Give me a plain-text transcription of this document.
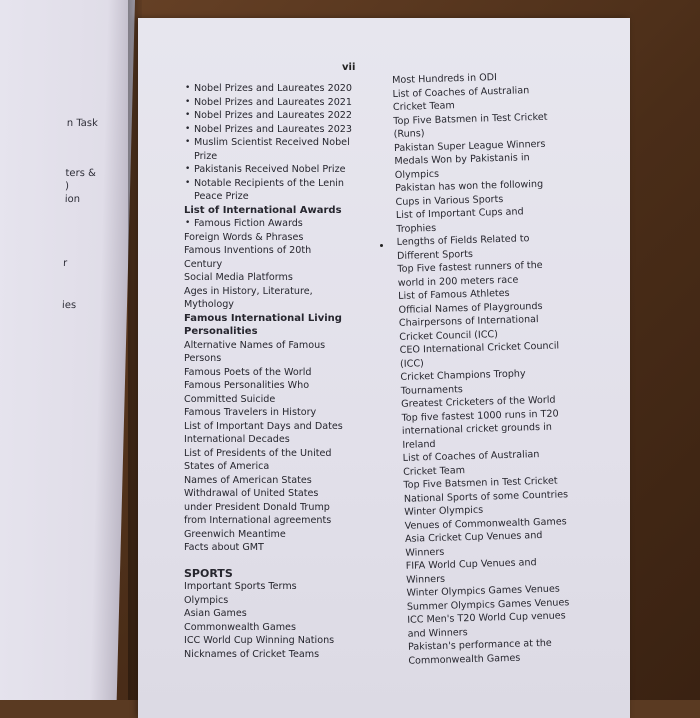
n Task
ters &
)
ion
r
ies
vii
• Nobel Prizes and Laureates 2020
• Nobel Prizes and Laureates 2021
• Nobel Prizes and Laureates 2022
• Nobel Prizes and Laureates 2023
• Muslim Scientist Received Nobel
Prize
• Pakistanis Received Nobel Prize
• Notable Recipients of the Lenin
Peace Prize
List of International Awards
• Famous Fiction Awards
Foreign Words & Phrases
Famous Inventions of 20th
Century
Social Media Platforms
Ages in History, Literature,
Mythology
Famous International Living
Personalities
Alternative Names of Famous
Persons
Famous Poets of the World
Famous Personalities Who
Committed Suicide
Famous Travelers in History
List of Important Days and Dates
International Decades
List of Presidents of the United
States of America
Names of American States
Withdrawal of United States
under President Donald Trump
from International agreements
Greenwich Meantime
Facts about GMT
SPORTS
Important Sports Terms
Olympics
Asian Games
Commonwealth Games
ICC World Cup Winning Nations
Nicknames of Cricket Teams
Most Hundreds in ODI
List of Coaches of Australian
Cricket Team
Top Five Batsmen in Test Cricket
(Runs)
Pakistan Super League Winners
Medals Won by Pakistanis in
Olympics
Pakistan has won the following
Cups in Various Sports
List of Important Cups and
Trophies
Lengths of Fields Related to
Different Sports
Top Five fastest runners of the
world in 200 meters race
List of Famous Athletes
Official Names of Playgrounds
Chairpersons of International
Cricket Council (ICC)
CEO International Cricket Council
(ICC)
Cricket Champions Trophy
Tournaments
Greatest Cricketers of the World
Top five fastest 1000 runs in T20
international cricket grounds in
Ireland
List of Coaches of Australian
Cricket Team
Top Five Batsmen in Test Cricket
National Sports of some Countries
Winter Olympics
Venues of Commonwealth Games
Asia Cricket Cup Venues and
Winners
FIFA World Cup Venues and
Winners
Winter Olympics Games Venues
Summer Olympics Games Venues
ICC Men's T20 World Cup venues
and Winners
Pakistan's performance at the
Commonwealth Games
